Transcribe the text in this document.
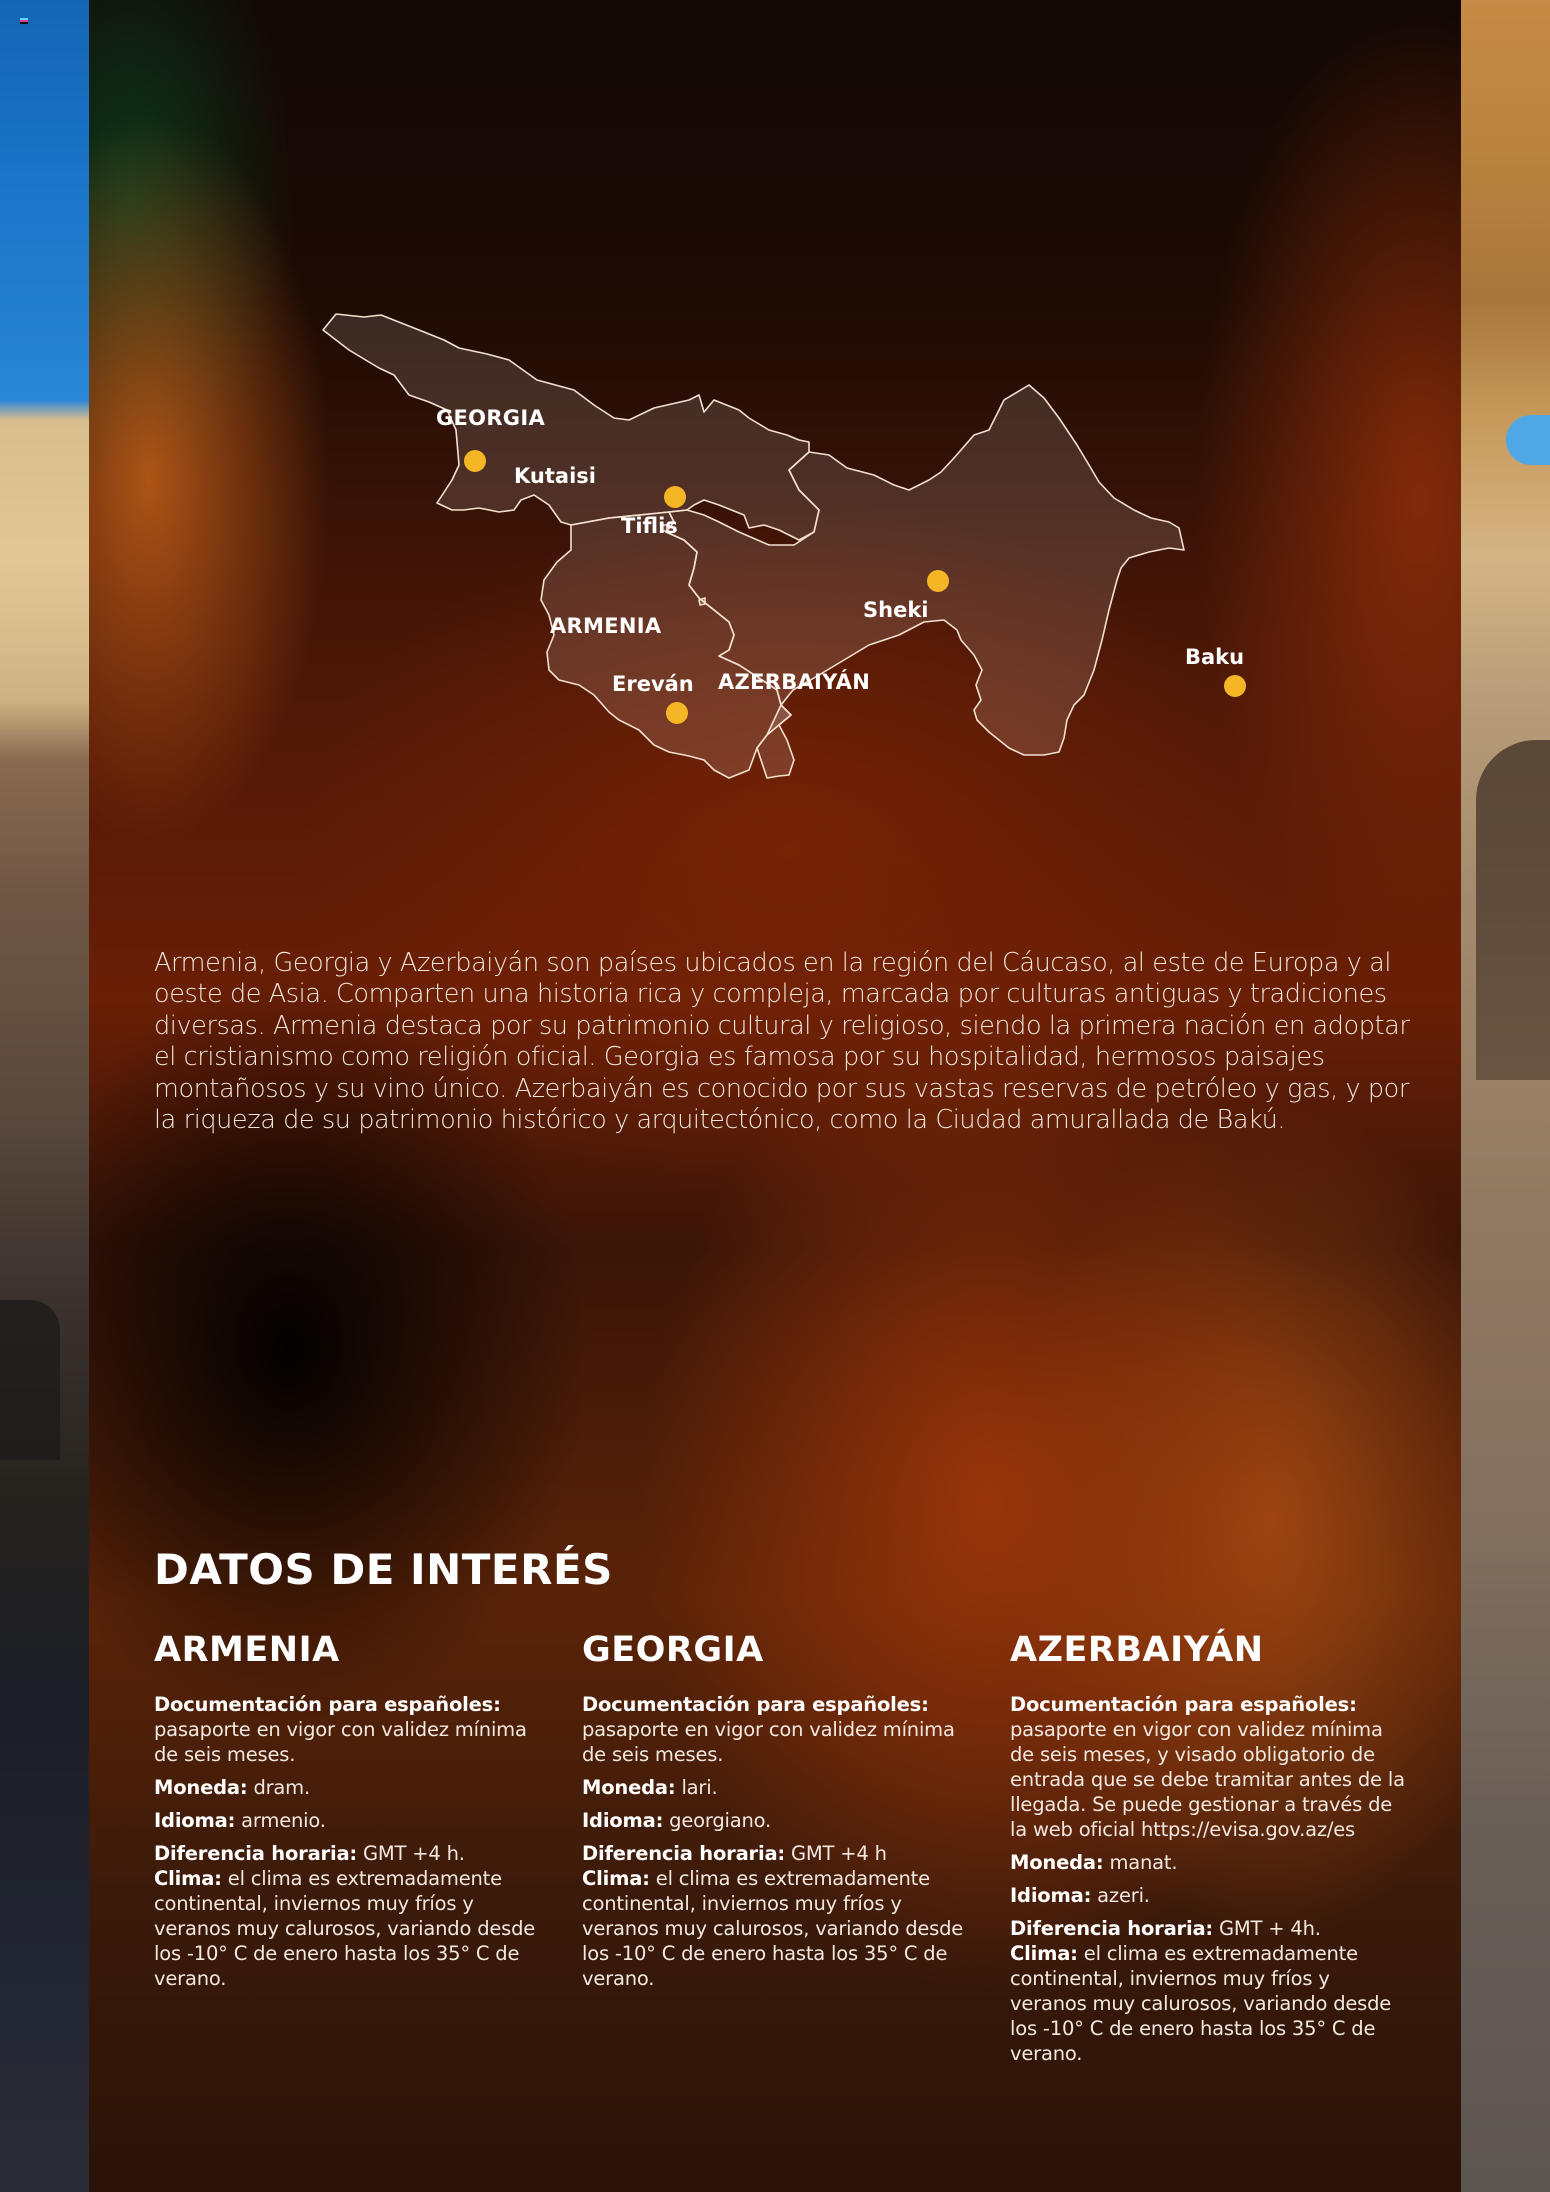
GEORGIA
ARMENIA
AZERBAIYÁN
Kutaisi
Tiflis
Sheki
Ereván
Baku

Armenia, Georgia y Azerbaiyán son países ubicados en la región del Cáucaso, al este de Europa y al oeste de Asia. Comparten una historia rica y compleja, marcada por culturas antiguas y tradiciones diversas. Armenia destaca por su patrimonio cultural y religioso, siendo la primera nación en adoptar el cristianismo como religión oficial. Georgia es famosa por su hospitalidad, hermosos paisajes montañosos y su vino único. Azerbaiyán es conocido por sus vastas reservas de petróleo y gas, y por la riqueza de su patrimonio histórico y arquitectónico, como la Ciudad amurallada de Bakú.

DATOS DE INTERÉS
ARMENIA

Documentación para españoles:
pasaporte en vigor con validez mínima de seis meses.

Moneda: dram.

Idioma: armenio.

Diferencia horaria: GMT +4 h.

Clima: el clima es extremadamente continental, inviernos muy fríos y veranos muy calurosos, variando desde los -10° C de enero hasta los 35° C de verano.

GEORGIA

Documentación para españoles:
pasaporte en vigor con validez mínima de seis meses.

Moneda: lari.

Idioma: georgiano.

Diferencia horaria: GMT +4 h

Clima: el clima es extremadamente continental, inviernos muy fríos y veranos muy calurosos, variando desde los -10° C de enero hasta los 35° C de verano.

AZERBAIYÁN

Documentación para españoles:
pasaporte en vigor con validez mínima de seis meses, y visado obligatorio de entrada que se debe tramitar antes de la llegada. Se puede gestionar a través de la web oficial https://evisa.gov.az/es

Moneda: manat.

Idioma: azeri.

Diferencia horaria: GMT + 4h.

Clima: el clima es extremadamente continental, inviernos muy fríos y veranos muy calurosos, variando desde los -10° C de enero hasta los 35° C de verano.
